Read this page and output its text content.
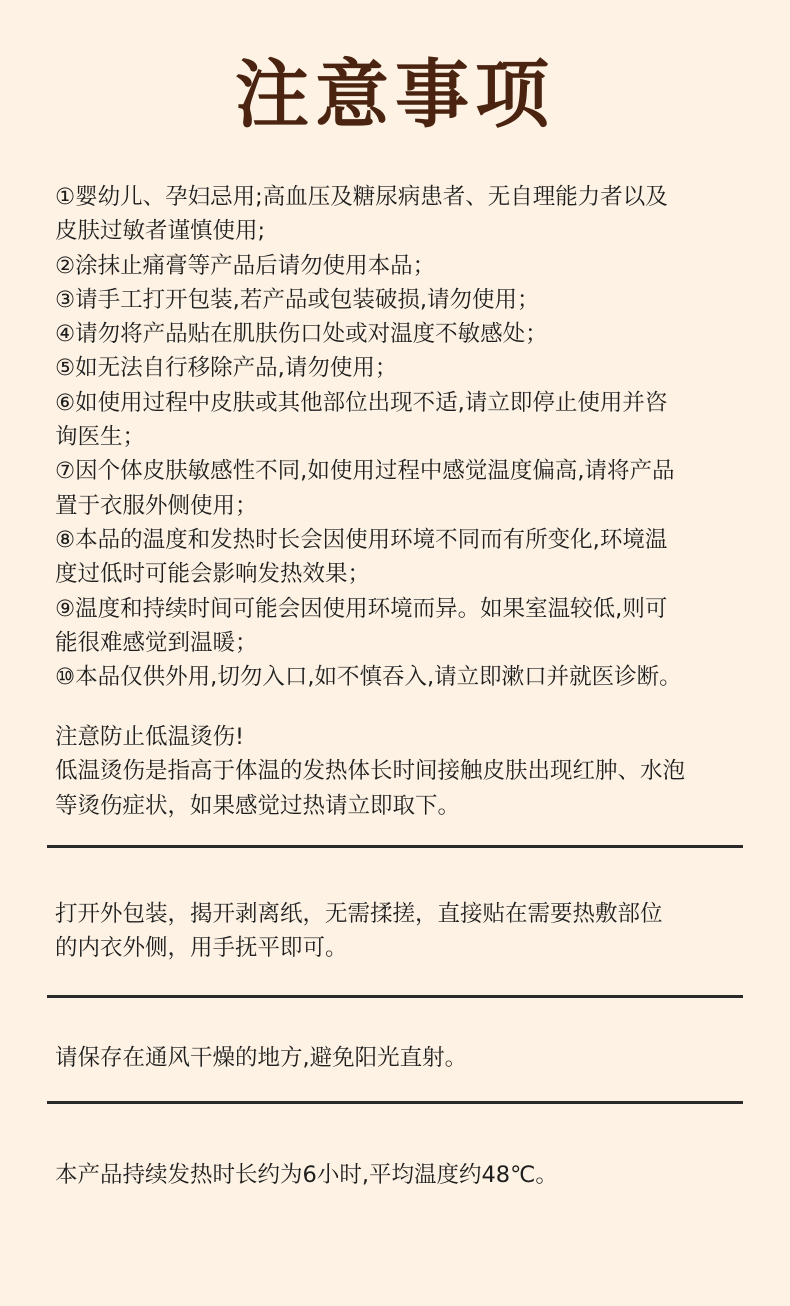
注意事项

①婴幼儿、孕妇忌用;高血压及糖尿病患者、无自理能力者以及

皮肤过敏者谨慎使用;

②涂抹止痛膏等产品后请勿使用本品；

③请手工打开包装,若产品或包装破损,请勿使用；

④请勿将产品贴在肌肤伤口处或对温度不敏感处；

⑤如无法自行移除产品,请勿使用；

⑥如使用过程中皮肤或其他部位出现不适,请立即停止使用并咨

询医生；

⑦因个体皮肤敏感性不同,如使用过程中感觉温度偏高,请将产品

置于衣服外侧使用；

⑧本品的温度和发热时长会因使用环境不同而有所变化,环境温

度过低时可能会影响发热效果；

⑨温度和持续时间可能会因使用环境而异。如果室温较低,则可

能很难感觉到温暖；

⑩本品仅供外用,切勿入口,如不慎吞入,请立即漱口并就医诊断。

注意防止低温烫伤!

低温烫伤是指高于体温的发热体长时间接触皮肤出现红肿、水泡

等烫伤症状，如果感觉过热请立即取下。

打开外包装，揭开剥离纸，无需揉搓，直接贴在需要热敷部位

的内衣外侧，用手抚平即可。

请保存在通风干燥的地方,避免阳光直射。

本产品持续发热时长约为6小时,平均温度约48℃。
